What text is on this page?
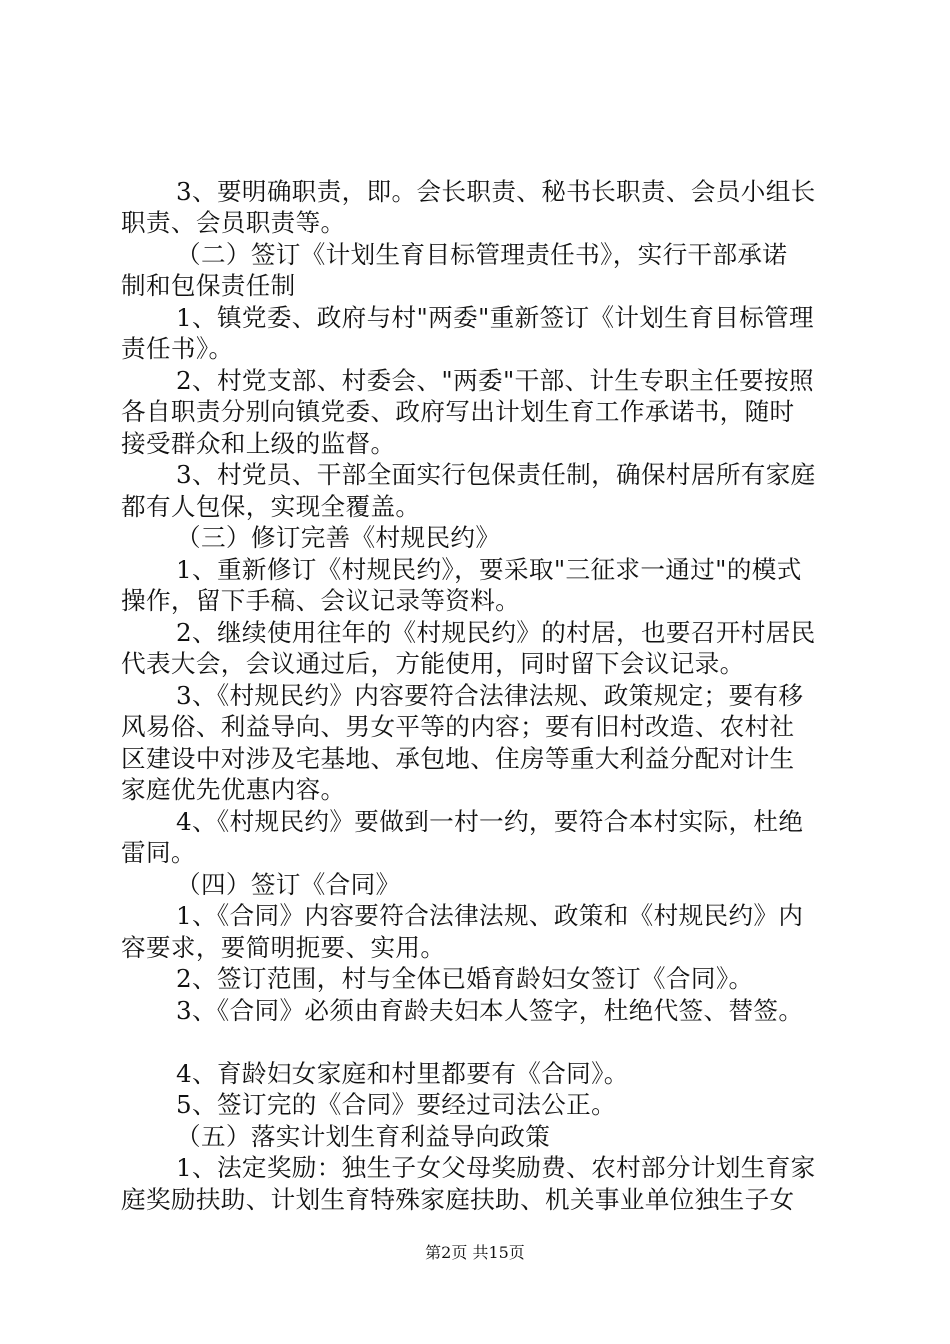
3、要明确职责，即。会长职责、秘书长职责、会员小组长
职责、会员职责等。
（二）签订《计划生育目标管理责任书》，实行干部承诺
制和包保责任制
1、镇党委、政府与村"两委"重新签订《计划生育目标管理
责任书》。
2、村党支部、村委会、"两委"干部、计生专职主任要按照
各自职责分别向镇党委、政府写出计划生育工作承诺书，随时
接受群众和上级的监督。
3、村党员、干部全面实行包保责任制，确保村居所有家庭
都有人包保，实现全覆盖。
（三）修订完善《村规民约》
1、重新修订《村规民约》，要采取"三征求一通过"的模式
操作，留下手稿、会议记录等资料。
2、继续使用往年的《村规民约》的村居，也要召开村居民
代表大会，会议通过后，方能使用，同时留下会议记录。
3、《村规民约》内容要符合法律法规、政策规定；要有移
风易俗、利益导向、男女平等的内容；要有旧村改造、农村社
区建设中对涉及宅基地、承包地、住房等重大利益分配对计生
家庭优先优惠内容。
4、《村规民约》要做到一村一约，要符合本村实际，杜绝
雷同。
（四）签订《合同》
1、《合同》内容要符合法律法规、政策和《村规民约》内
容要求，要简明扼要、实用。
2、签订范围，村与全体已婚育龄妇女签订《合同》。
3、《合同》必须由育龄夫妇本人签字，杜绝代签、替签。
4、育龄妇女家庭和村里都要有《合同》。
5、签订完的《合同》要经过司法公正。
（五）落实计划生育利益导向政策
1、法定奖励：独生子女父母奖励费、农村部分计划生育家
庭奖励扶助、计划生育特殊家庭扶助、机关事业单位独生子女
第2页 共15页
